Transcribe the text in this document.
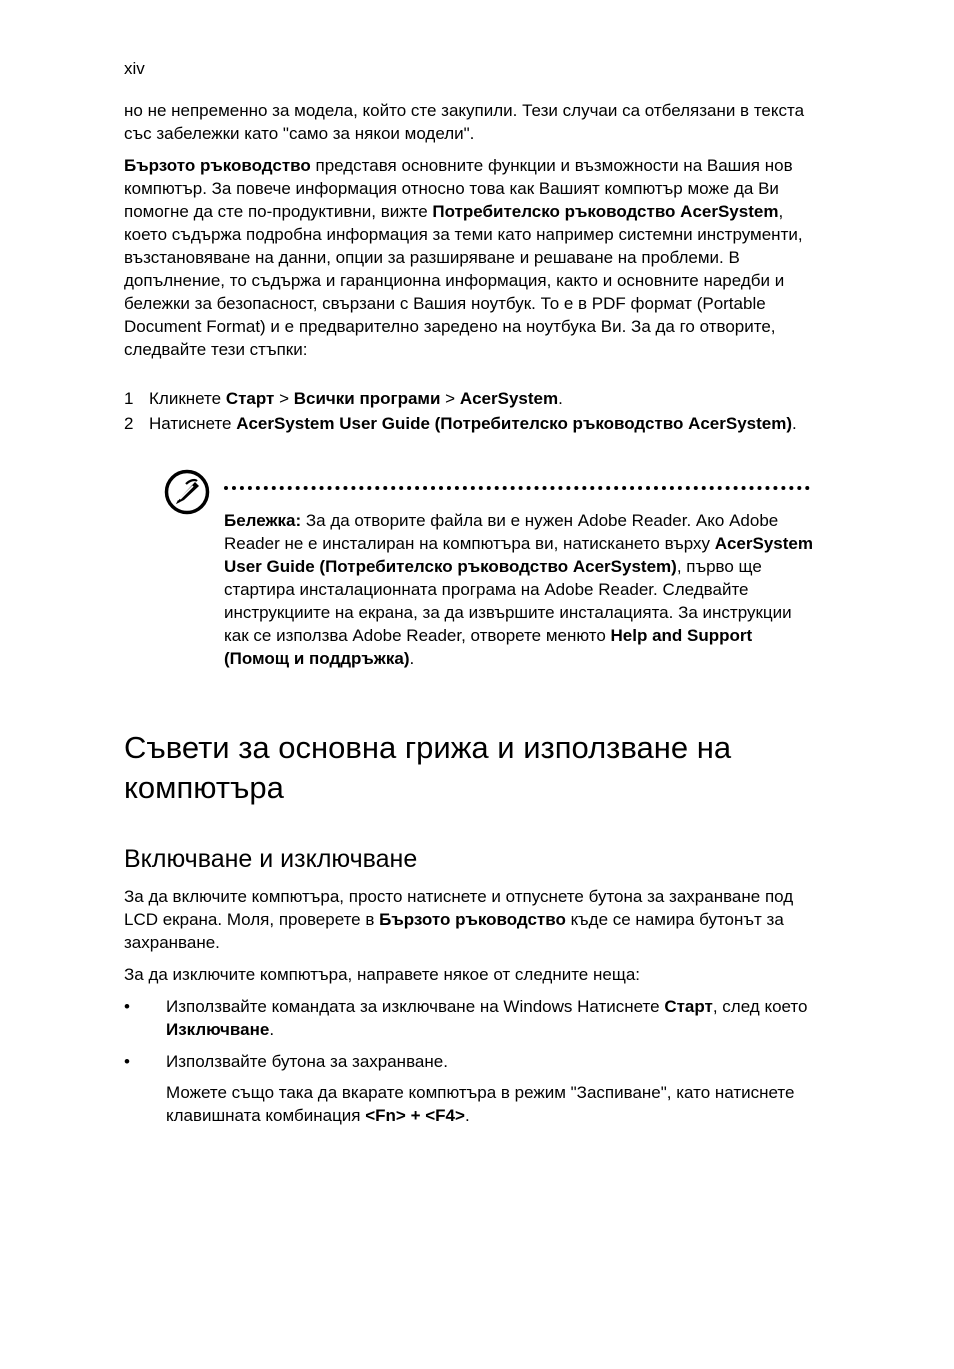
xiv

но не непременно за модела, който сте закупили. Тези случаи са отбелязани в текста със забележки като "само за някои модели".

Бързото ръководство представя основните функции и възможности на Вашия нов компютър. За повече информация относно това как Вашият компютър може да Ви помогне да сте по-продуктивни, вижте Потребителско ръководство AcerSystem, което съдържа подробна информация за теми като например системни инструменти, възстановяване на данни, опции за разширяване и решаване на проблеми. В допълнение, то съдържа и гаранционна информация, както и основните наредби и бележки за безопасност, свързани с Вашия ноутбук. То е в PDF формат (Portable Document Format) и е предварително заредено на ноутбука Ви. За да го отворите, следвайте тези стъпки:

1 Кликнете Старт > Всички програми > AcerSystem.
2 Натиснете AcerSystem User Guide (Потребителско ръководство AcerSystem).

Бележка: За да отворите файла ви е нужен Adobe Reader. Ако Adobe Reader не е инсталиран на компютъра ви, натискането върху AcerSystem User Guide (Потребителско ръководство AcerSystem), първо ще стартира инсталационната програма на Adobe Reader. Следвайте инструкциите на екрана, за да извършите инсталацията. За инструкции как се използва Adobe Reader, отворете менюто Help and Support (Помощ и поддръжка).

Съвети за основна грижа и използване на компютъра
Включване и изключване

За да включите компютъра, просто натиснете и отпуснете бутона за захранване под LCD екрана. Моля, проверете в Бързото ръководство къде се намира бутонът за захранване.

За да изключите компютъра, направете някое от следните неща:

• Използвайте командата за изключване на Windows Натиснете Старт, след което Изключване.
• Използвайте бутона за захранване.

Можете също така да вкарате компютъра в режим "Заспиване", като натиснете клавишната комбинация <Fn> + <F4>.
